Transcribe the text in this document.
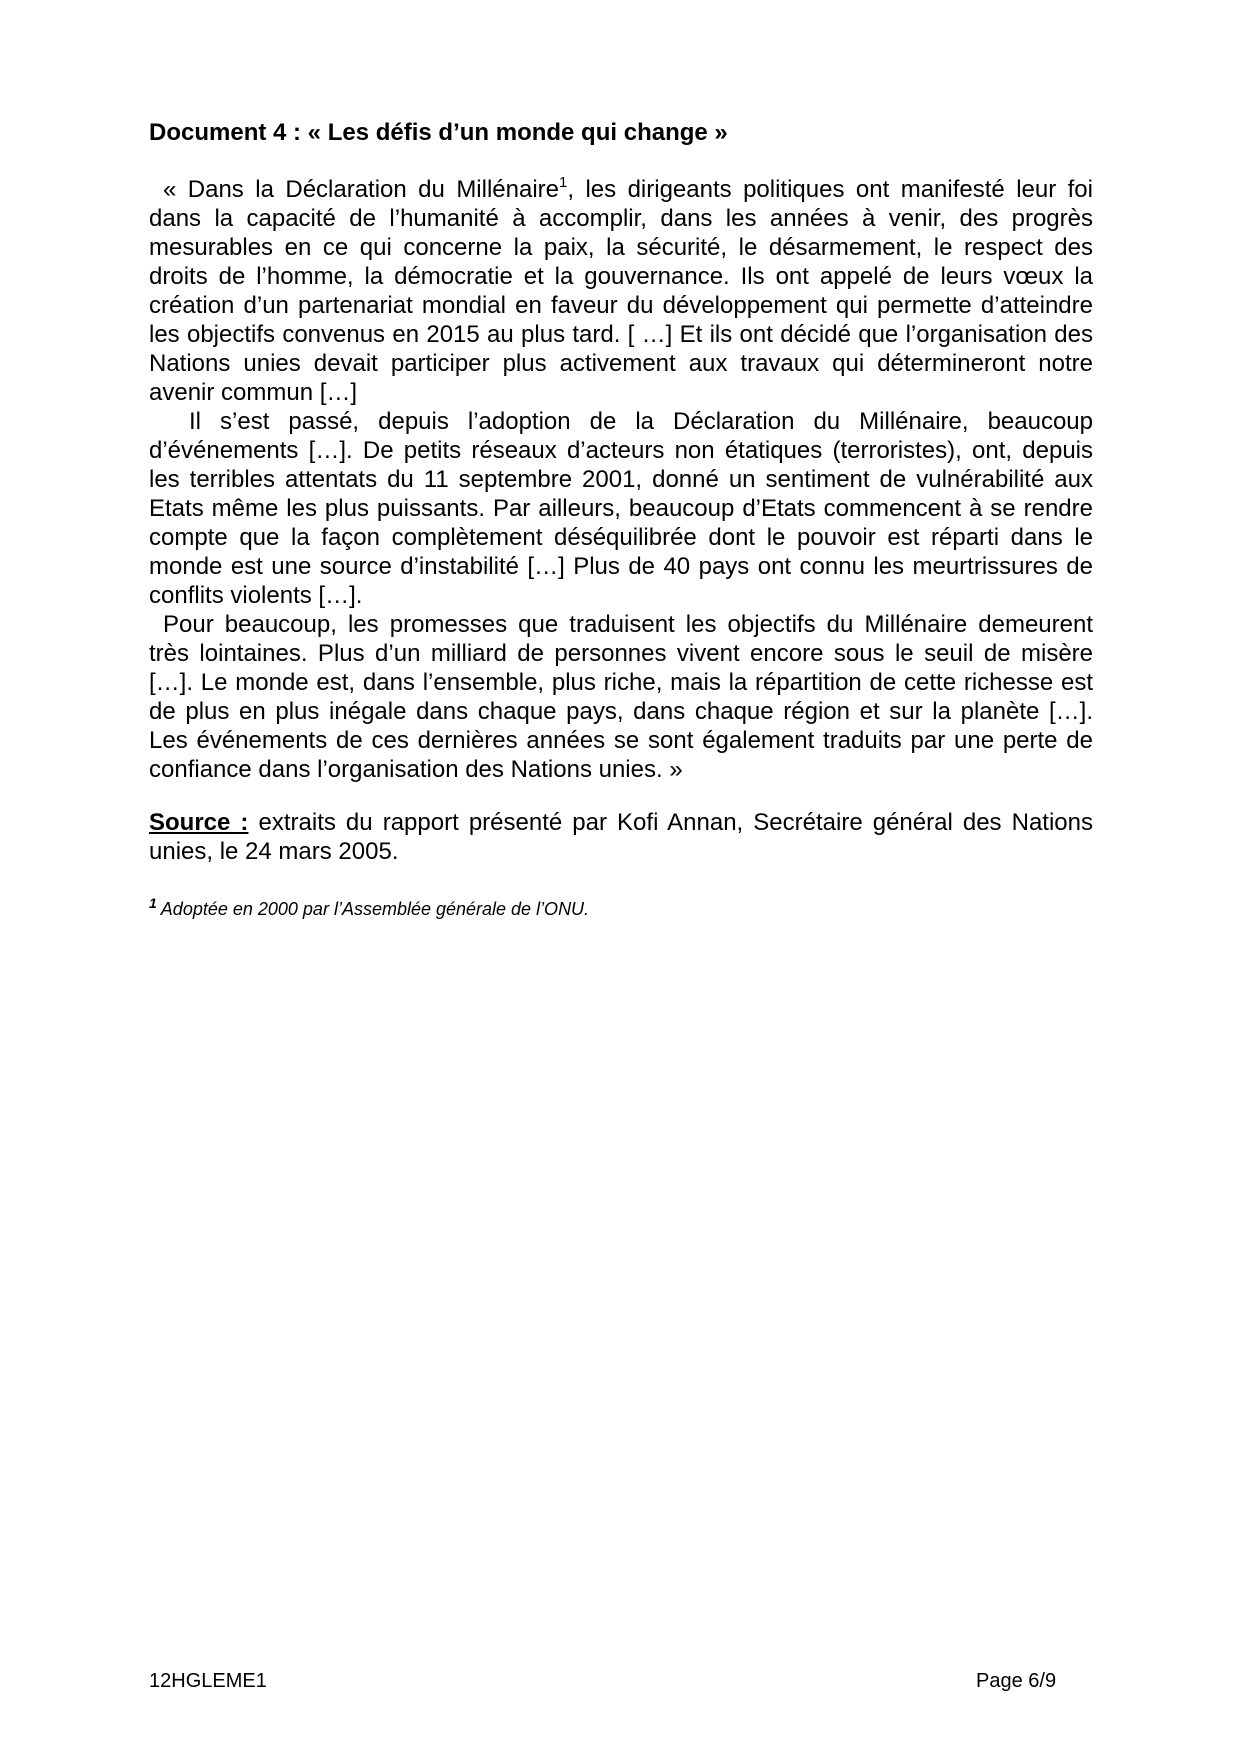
Document 4 : « Les défis d’un monde qui change »

« Dans la Déclaration du Millénaire$^1$, les dirigeants politiques ont manifesté leur foi dans la capacité de l’humanité à accomplir, dans les années à venir, des progrès mesurables en ce qui concerne la paix, la sécurité, le désarmement, le respect des droits de l’homme, la démocratie et la gouvernance. Ils ont appelé de leurs vœux la création d’un partenariat mondial en faveur du développement qui permette d’atteindre les objectifs convenus en 2015 au plus tard. [ …] Et ils ont décidé que l’organisation des Nations unies devait participer plus activement aux travaux qui détermineront notre avenir commun […]

Il s’est passé, depuis l’adoption de la Déclaration du Millénaire, beaucoup d’événements […]. De petits réseaux d’acteurs non étatiques (terroristes), ont, depuis les terribles attentats du 11 septembre 2001, donné un sentiment de vulnérabilité aux Etats même les plus puissants. Par ailleurs, beaucoup d’Etats commencent à se rendre compte que la façon complètement déséquilibrée dont le pouvoir est réparti dans le monde est une source d’instabilité […] Plus de 40 pays ont connu les meurtrissures de conflits violents […].

Pour beaucoup, les promesses que traduisent les objectifs du Millénaire demeurent très lointaines. Plus d’un milliard de personnes vivent encore sous le seuil de misère […]. Le monde est, dans l’ensemble, plus riche, mais la répartition de cette richesse est de plus en plus inégale dans chaque pays, dans chaque région et sur la planète […]. Les événements de ces dernières années se sont également traduits par une perte de confiance dans l’organisation des Nations unies. »

Source : extraits du rapport présenté par Kofi Annan, Secrétaire général des Nations unies, le 24 mars 2005.

$^1$ Adoptée en 2000 par l’Assemblée générale de l’ONU.

12HGLEME1	Page 6/9
